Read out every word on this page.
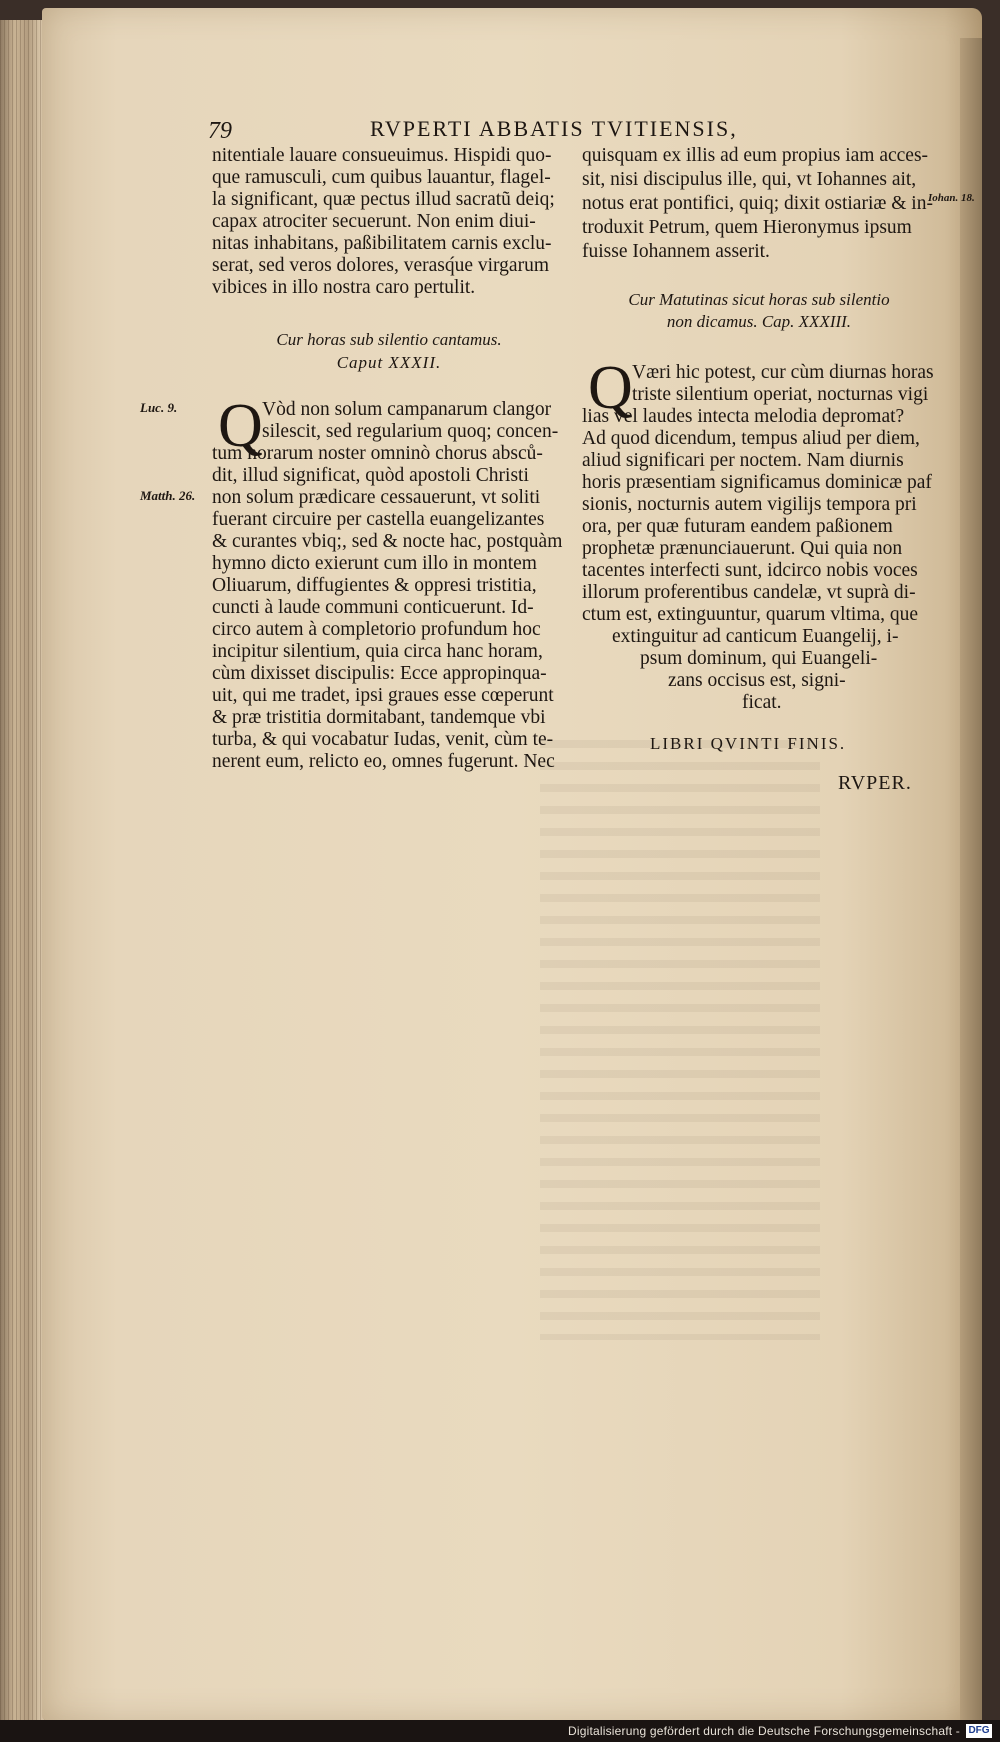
79	RVPERTI ABBATIS TVITIENSIS,
nitentiale lauare consueuimus. Hispidi quo-
que ramusculi, cum quibus lauantur, flagel-
la significant, quæ pectus illud sacratũ deiq;
capax atrociter secuerunt. Non enim diui-
nitas inhabitans, paßibilitatem carnis exclu-
serat, sed veros dolores, verasq́ue virgarum
vibices in illo nostra caro pertulit.
Cur horas sub silentio cantamus.
Caput XXXII.
Luc. 9.
Matth. 26.
Q Vòd non solum campanarum clangor
silescit, sed regularium quoq; concen-
tum horarum noster omninò chorus absců-
dit, illud significat, quòd apostoli Christi
non solum prædicare cessauerunt, vt soliti
fuerant circuire per castella euangelizantes
& curantes vbiq;, sed & nocte hac, postquàm
hymno dicto exierunt cum illo in montem
Oliuarum, diffugientes & oppresi tristitia,
cuncti à laude communi conticuerunt. Id-
circo autem à completorio profundum hoc
incipitur silentium, quia circa hanc horam,
cùm dixisset discipulis: Ecce appropinqua-
uit, qui me tradet, ipsi graues esse cœperunt
& præ tristitia dormitabant, tandemque vbi
turba, & qui vocabatur Iudas, venit, cùm te-
nerent eum, relicto eo, omnes fugerunt. Nec
quisquam ex illis ad eum propius iam acces-
sit, nisi discipulus ille, qui, vt Iohannes ait,
notus erat pontifici, quiq; dixit ostiariæ & in-
troduxit Petrum, quem Hieronymus ipsum
fuisse Iohannem asserit.
Iohan. 18.
Cur Matutinas sicut horas sub silentio
non dicamus. Cap. XXXIII.
Q Væri hic potest, cur cùm diurnas horas
triste silentium operiat, nocturnas vigi
lias vel laudes intecta melodia depromat?
Ad quod dicendum, tempus aliud per diem,
aliud significari per noctem. Nam diurnis
horis præsentiam significamus dominicæ paf
sionis, nocturnis autem vigilijs tempora pri
ora, per quæ futuram eandem paßionem
prophetæ prænunciauerunt. Qui quia non
tacentes interfecti sunt, idcirco nobis voces
illorum proferentibus candelæ, vt suprà di-
ctum est, extinguuntur, quarum vltima, que
extinguitur ad canticum Euangelij, i-
psum dominum, qui Euangeli-
zans occisus est, signi-
ficat.
LIBRI QVINTI FINIS.
RVPER.
Digitalisierung gefördert durch die Deutsche Forschungsgemeinschaft - DFG
